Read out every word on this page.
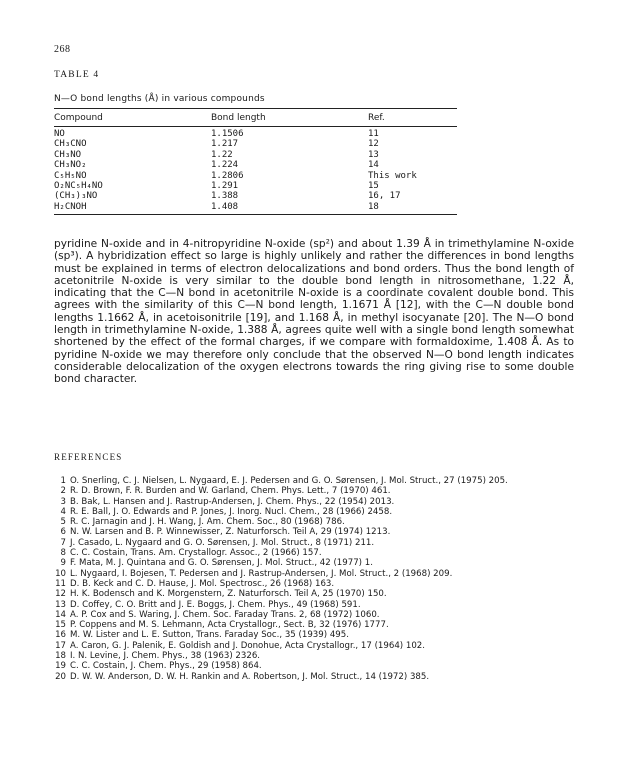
268
TABLE 4
N—O bond lengths (Å) in various compounds
Compound	Bond length	Ref.

NO	1.1506	11
CH₃CNO	1.217	12
CH₃NO	1.22	13
CH₃NO₂	1.224	14
C₅H₅NO	1.2806	This work
O₂NC₅H₄NO	1.291	15
(CH₃)₃NO	1.388	16, 17
H₂CNOH	1.408	18

pyridine N-oxide and in 4-nitropyridine N-oxide (sp²) and about 1.39 Å in trimethylamine N-oxide (sp³). A hybridization effect so large is highly unlikely and rather the differences in bond lengths must be explained in terms of electron delocalizations and bond orders. Thus the bond length of acetonitrile N-oxide is very similar to the double bond length in nitrosomethane, 1.22 Å, indicating that the C—N bond in acetonitrile N-oxide is a coordinate covalent double bond. This agrees with the similarity of this C—N bond length, 1.1671 Å [12], with the C—N double bond lengths 1.1662 Å, in acetoisonitrile [19], and 1.168 Å, in methyl isocyanate [20]. The N—O bond length in trimethylamine N-oxide, 1.388 Å, agrees quite well with a single bond length somewhat shortened by the effect of the formal charges, if we compare with formaldoxime, 1.408 Å. As to pyridine N-oxide we may therefore only conclude that the observed N—O bond length indicates considerable delocalization of the oxygen electrons towards the ring giving rise to some double bond character.

REFERENCES
1 O. Snerling, C. J. Nielsen, L. Nygaard, E. J. Pedersen and G. O. Sørensen, J. Mol. Struct., 27 (1975) 205.
2 R. D. Brown, F. R. Burden and W. Garland, Chem. Phys. Lett., 7 (1970) 461.
3 B. Bak, L. Hansen and J. Rastrup-Andersen, J. Chem. Phys., 22 (1954) 2013.
4 R. E. Ball, J. O. Edwards and P. Jones, J. Inorg. Nucl. Chem., 28 (1966) 2458.
5 R. C. Jarnagin and J. H. Wang, J. Am. Chem. Soc., 80 (1968) 786.
6 N. W. Larsen and B. P. Winnewisser, Z. Naturforsch. Teil A, 29 (1974) 1213.
7 J. Casado, L. Nygaard and G. O. Sørensen, J. Mol. Struct., 8 (1971) 211.
8 C. C. Costain, Trans. Am. Crystallogr. Assoc., 2 (1966) 157.
9 F. Mata, M. J. Quintana and G. O. Sørensen, J. Mol. Struct., 42 (1977) 1.
10 L. Nygaard, I. Bojesen, T. Pedersen and J. Rastrup-Andersen, J. Mol. Struct., 2 (1968) 209.
11 D. B. Keck and C. D. Hause, J. Mol. Spectrosc., 26 (1968) 163.
12 H. K. Bodensch and K. Morgenstern, Z. Naturforsch. Teil A, 25 (1970) 150.
13 D. Coffey, C. O. Britt and J. E. Boggs, J. Chem. Phys., 49 (1968) 591.
14 A. P. Cox and S. Waring, J. Chem. Soc. Faraday Trans. 2, 68 (1972) 1060.
15 P. Coppens and M. S. Lehmann, Acta Crystallogr., Sect. B, 32 (1976) 1777.
16 M. W. Lister and L. E. Sutton, Trans. Faraday Soc., 35 (1939) 495.
17 A. Caron, G. J. Palenik, E. Goldish and J. Donohue, Acta Crystallogr., 17 (1964) 102.
18 I. N. Levine, J. Chem. Phys., 38 (1963) 2326.
19 C. C. Costain, J. Chem. Phys., 29 (1958) 864.
20 D. W. W. Anderson, D. W. H. Rankin and A. Robertson, J. Mol. Struct., 14 (1972) 385.
